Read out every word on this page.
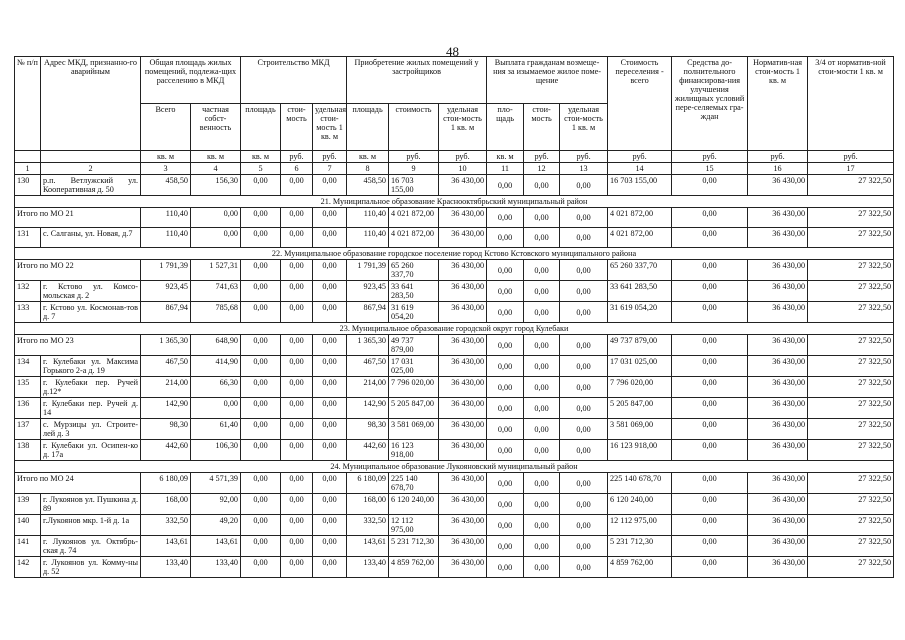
48
№ п/п	Адрес МКД, признанно-го аварийным	Общая площадь жилых помещений, подлежа-щих расселению в МКД		Строительство МКД			Приобретение жилых помещений у застройщиков			Выплата гражданам возмеще-ния за изымаемое жилое поме-щение			Стоимость переселения - всего	Средства до-полнительного финансирова-ния улучшения жилищных условий пере-селяемых гра-ждан	Норматив-ная стои-мость 1 кв. м	3/4 от норматив-ной стои-мости 1 кв. м
		Всего	частная собст-венность	площадь	стои-мость	удельная стои-мость 1 кв. м	площадь	стоимость	удельная стои-мость 1 кв. м	пло-щадь	стои-мость	удельная стои-мость 1 кв. м				
		кв. м	кв. м	кв. м	руб.	руб.	кв. м	руб.	руб.	кв. м	руб.	руб.	руб.	руб.	руб.	руб.
1	2	3	4	5	6	7	8	9	10	11	12	13	14	15	16	17
130	р.п. Ветлужский ул. Кооперативная д. 50	458,50	156,30	0,00	0,00	0,00	458,50	16 703 155,00	36 430,00	0,00	0,00	0,00	16 703 155,00	0,00	36 430,00	27 322,50
21. Муниципальное образование Краснооктябрьский муниципальный район																
Итого по МО 21		110,40	0,00	0,00	0,00	0,00	110,40	4 021 872,00	36 430,00	0,00	0,00	0,00	4 021 872,00	0,00	36 430,00	27 322,50
131	с. Салганы, ул. Новая, д.7	110,40	0,00	0,00	0,00	0,00	110,40	4 021 872,00	36 430,00	0,00	0,00	0,00	4 021 872,00	0,00	36 430,00	27 322,50
22. Муниципальное образование городское поселение город Кстово Кстовского муниципального района																
Итого по МО 22		1 791,39	1 527,31	0,00	0,00	0,00	1 791,39	65 260 337,70	36 430,00	0,00	0,00	0,00	65 260 337,70	0,00	36 430,00	27 322,50
132	г. Кстово ул. Комсо-мольская д. 2	923,45	741,63	0,00	0,00	0,00	923,45	33 641 283,50	36 430,00	0,00	0,00	0,00	33 641 283,50	0,00	36 430,00	27 322,50
133	г. Кстово ул. Космонав-тов д. 7	867,94	785,68	0,00	0,00	0,00	867,94	31 619 054,20	36 430,00	0,00	0,00	0,00	31 619 054,20	0,00	36 430,00	27 322,50
23. Муниципальное образование городской округ город Кулебаки																
Итого по МО 23		1 365,30	648,90	0,00	0,00	0,00	1 365,30	49 737 879,00	36 430,00	0,00	0,00	0,00	49 737 879,00	0,00	36 430,00	27 322,50
134	г. Кулебаки ул. Максима Горького 2-а д. 19	467,50	414,90	0,00	0,00	0,00	467,50	17 031 025,00	36 430,00	0,00	0,00	0,00	17 031 025,00	0,00	36 430,00	27 322,50
135	г. Кулебаки пер. Ручей д.12*	214,00	66,30	0,00	0,00	0,00	214,00	7 796 020,00	36 430,00	0,00	0,00	0,00	7 796 020,00	0,00	36 430,00	27 322,50
136	г. Кулебаки пер. Ручей д. 14	142,90	0,00	0,00	0,00	0,00	142,90	5 205 847,00	36 430,00	0,00	0,00	0,00	5 205 847,00	0,00	36 430,00	27 322,50
137	с. Мурзицы ул. Строите-лей д. 3	98,30	61,40	0,00	0,00	0,00	98,30	3 581 069,00	36 430,00	0,00	0,00	0,00	3 581 069,00	0,00	36 430,00	27 322,50
138	г. Кулебаки ул. Осипен-ко д. 17а	442,60	106,30	0,00	0,00	0,00	442,60	16 123 918,00	36 430,00	0,00	0,00	0,00	16 123 918,00	0,00	36 430,00	27 322,50
24. Муниципальное образование Лукояновский муниципальный район																
Итого по МО 24		6 180,09	4 571,39	0,00	0,00	0,00	6 180,09	225 140 678,70	36 430,00	0,00	0,00	0,00	225 140 678,70	0,00	36 430,00	27 322,50
139	г. Лукоянов ул. Пушкина д. 89	168,00	92,00	0,00	0,00	0,00	168,00	6 120 240,00	36 430,00	0,00	0,00	0,00	6 120 240,00	0,00	36 430,00	27 322,50
140	г.Лукоянов мкр. 1-й д. 1а	332,50	49,20	0,00	0,00	0,00	332,50	12 112 975,00	36 430,00	0,00	0,00	0,00	12 112 975,00	0,00	36 430,00	27 322,50
141	г. Лукоянов ул. Октябрь-ская д. 74	143,61	143,61	0,00	0,00	0,00	143,61	5 231 712,30	36 430,00	0,00	0,00	0,00	5 231 712,30	0,00	36 430,00	27 322,50
142	г. Лукоянов ул. Комму-ны д. 52	133,40	133,40	0,00	0,00	0,00	133,40	4 859 762,00	36 430,00	0,00	0,00	0,00	4 859 762,00	0,00	36 430,00	27 322,50
